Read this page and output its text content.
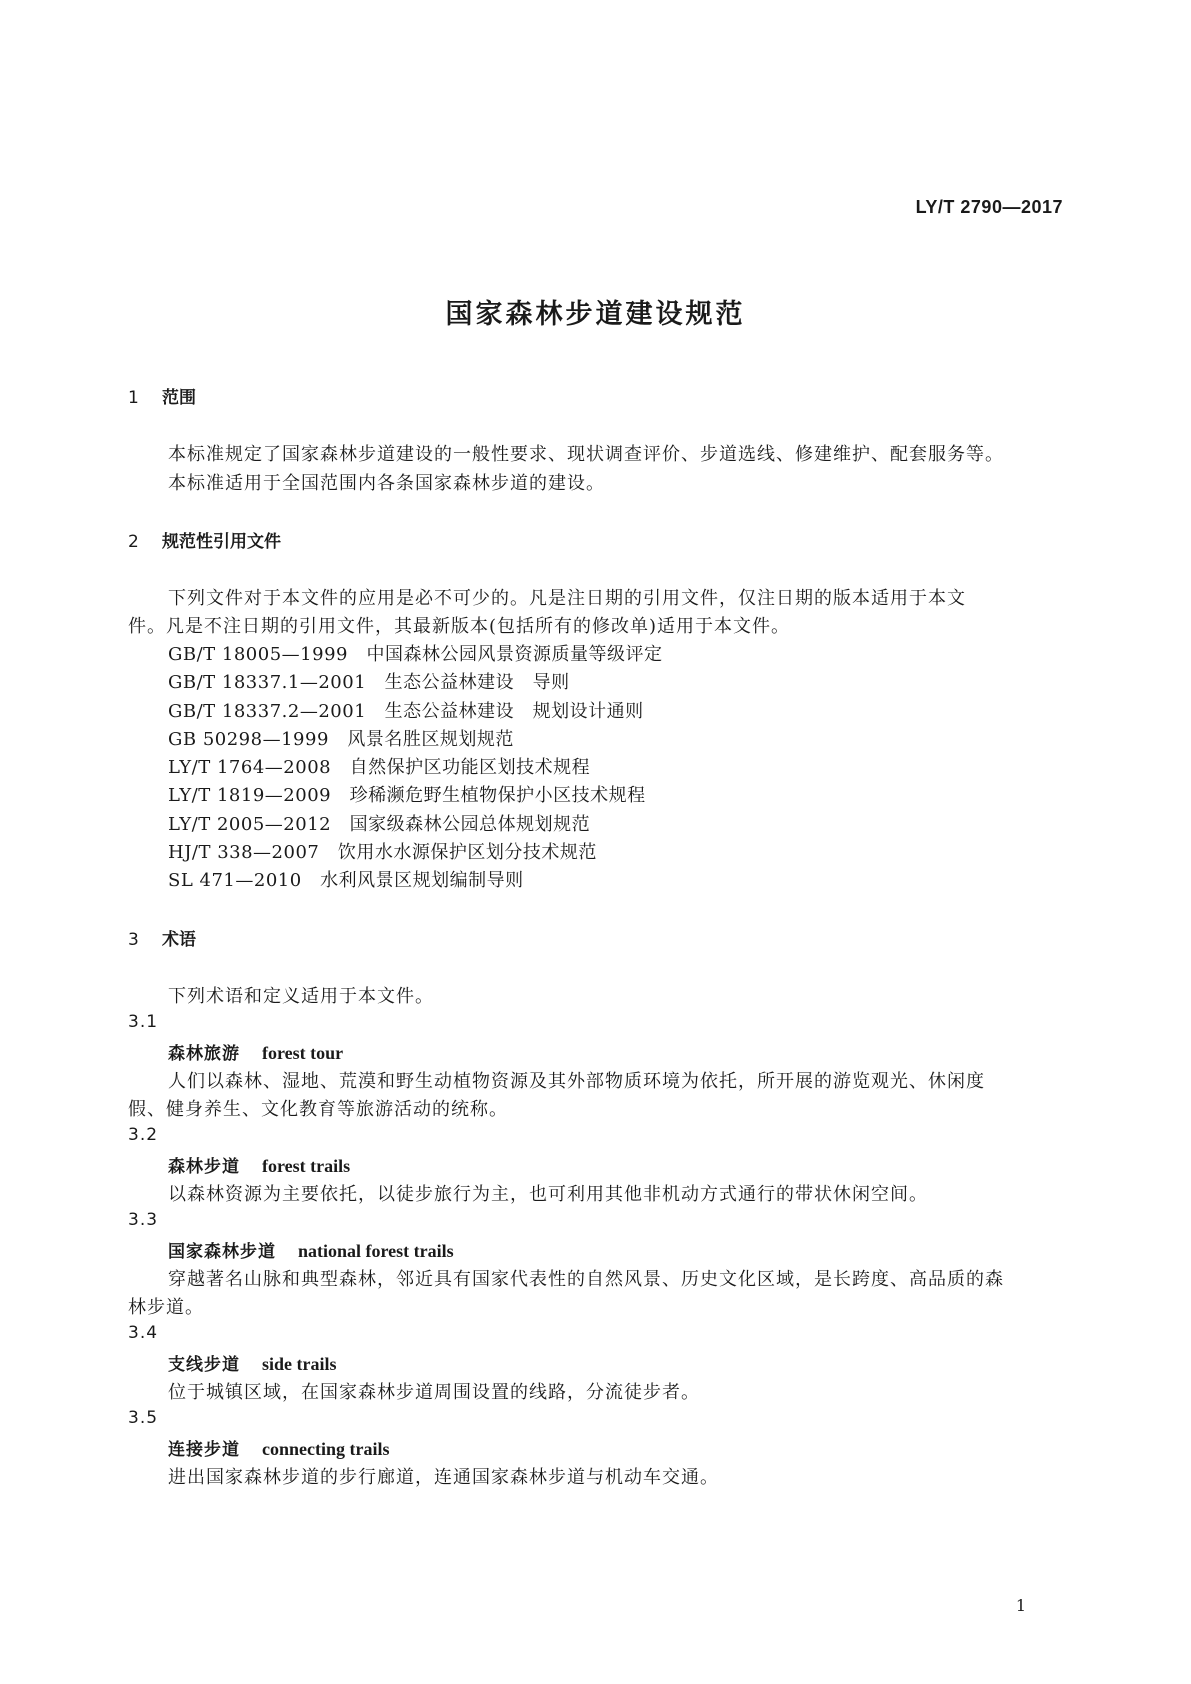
LY/T 2790—2017
国家森林步道建设规范
1 范围
本标准规定了国家森林步道建设的一般性要求、现状调查评价、步道选线、修建维护、配套服务等。
本标准适用于全国范围内各条国家森林步道的建设。
2 规范性引用文件
下列文件对于本文件的应用是必不可少的。凡是注日期的引用文件，仅注日期的版本适用于本文
件。凡是不注日期的引用文件，其最新版本(包括所有的修改单)适用于本文件。
GB/T 18005—1999　 中国森林公园风景资源质量等级评定
GB/T 18337.1—2001　 生态公益林建设　导则
GB/T 18337.2—2001　 生态公益林建设　规划设计通则
GB 50298—1999　 风景名胜区规划规范
LY/T 1764—2008　 自然保护区功能区划技术规程
LY/T 1819—2009　 珍稀濒危野生植物保护小区技术规程
LY/T 2005—2012　 国家级森林公园总体规划规范
HJ/T 338—2007　 饮用水水源保护区划分技术规范
SL 471—2010　 水利风景区规划编制导则
3 术语
下列术语和定义适用于本文件。
3.1
森林旅游 forest tour
人们以森林、湿地、荒漠和野生动植物资源及其外部物质环境为依托，所开展的游览观光、休闲度
假、健身养生、文化教育等旅游活动的统称。
3.2
森林步道 forest trails
以森林资源为主要依托，以徒步旅行为主，也可利用其他非机动方式通行的带状休闲空间。
3.3
国家森林步道 national forest trails
穿越著名山脉和典型森林，邻近具有国家代表性的自然风景、历史文化区域，是长跨度、高品质的森
林步道。
3.4
支线步道 side trails
位于城镇区域，在国家森林步道周围设置的线路，分流徒步者。
3.5
连接步道 connecting trails
进出国家森林步道的步行廊道，连通国家森林步道与机动车交通。
1
